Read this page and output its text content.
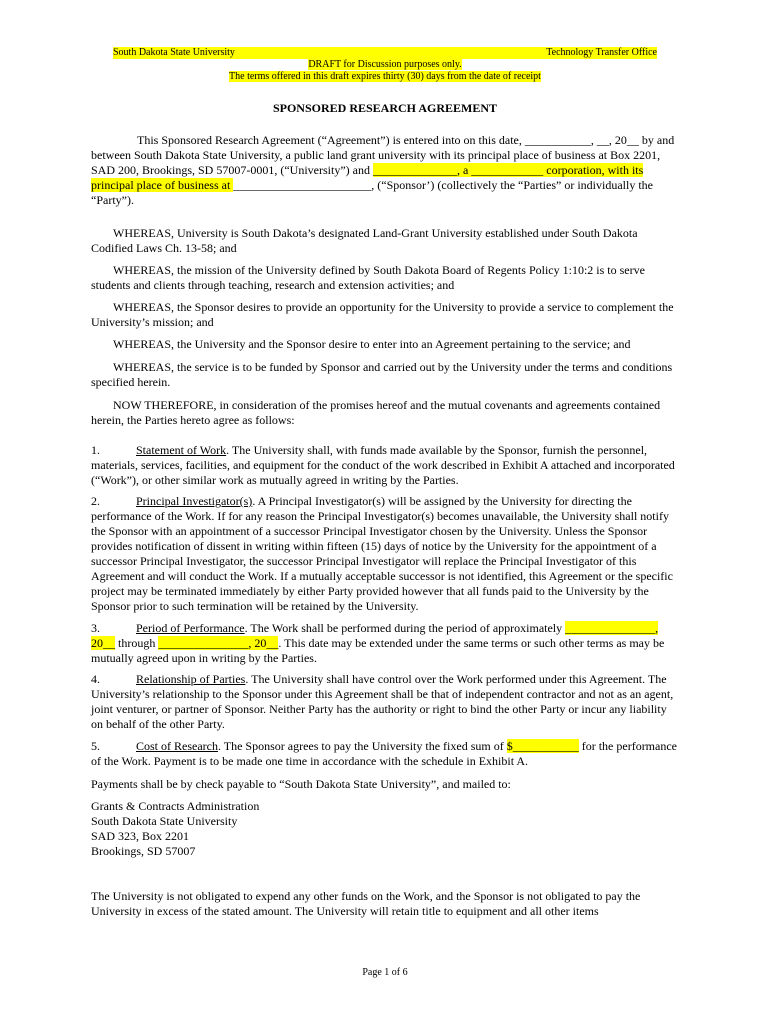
South Dakota State University	Technology Transfer Office
DRAFT for Discussion purposes only.
The terms offered in this draft expires thirty (30) days from the date of receipt
SPONSORED RESEARCH AGREEMENT

This Sponsored Research Agreement (“Agreement”) is entered into on this date, ___________, __, 20__ by and between South Dakota State University, a public land grant university with its principal place of business at Box 2201, SAD 200, Brookings, SD 57007-0001, (“University”) and ______________, a ____________ corporation, with its principal place of business at _______________________, (“Sponsor’) (collectively the “Parties” or individually the “Party”).

WHEREAS, University is South Dakota’s designated Land-Grant University established under South Dakota Codified Laws Ch. 13-58; and

WHEREAS, the mission of the University defined by South Dakota Board of Regents Policy 1:10:2 is to serve students and clients through teaching, research and extension activities; and

WHEREAS, the Sponsor desires to provide an opportunity for the University to provide a service to complement the University’s mission; and

WHEREAS, the University and the Sponsor desire to enter into an Agreement pertaining to the service; and

WHEREAS, the service is to be funded by Sponsor and carried out by the University under the terms and conditions specified herein.

NOW THEREFORE, in consideration of the promises hereof and the mutual covenants and agreements contained herein, the Parties hereto agree as follows:

1.	Statement of Work. The University shall, with funds made available by the Sponsor, furnish the personnel, materials, services, facilities, and equipment for the conduct of the work described in Exhibit A attached and incorporated (“Work”), or other similar work as mutually agreed in writing by the Parties.

2.	Principal Investigator(s). A Principal Investigator(s) will be assigned by the University for directing the performance of the Work. If for any reason the Principal Investigator(s) becomes unavailable, the University shall notify the Sponsor with an appointment of a successor Principal Investigator chosen by the University. Unless the Sponsor provides notification of dissent in writing within fifteen (15) days of notice by the University for the appointment of a successor Principal Investigator, the successor Principal Investigator will replace the Principal Investigator of this Agreement and will conduct the Work. If a mutually acceptable successor is not identified, this Agreement or the specific project may be terminated immediately by either Party provided however that all funds paid to the University by the Sponsor prior to such termination will be retained by the University.

3.	Period of Performance. The Work shall be performed during the period of approximately _______________, 20__ through _______________, 20__. This date may be extended under the same terms or such other terms as may be mutually agreed upon in writing by the Parties.

4.	Relationship of Parties. The University shall have control over the Work performed under this Agreement. The University’s relationship to the Sponsor under this Agreement shall be that of independent contractor and not as an agent, joint venturer, or partner of Sponsor. Neither Party has the authority or right to bind the other Party or incur any liability on behalf of the other Party.

5.	Cost of Research. The Sponsor agrees to pay the University the fixed sum of $___________ for the performance of the Work. Payment is to be made one time in accordance with the schedule in Exhibit A.

Payments shall be by check payable to “South Dakota State University”, and mailed to:

Grants & Contracts Administration

South Dakota State University

SAD 323, Box 2201

Brookings, SD 57007

The University is not obligated to expend any other funds on the Work, and the Sponsor is not obligated to pay the University in excess of the stated amount. The University will retain title to equipment and all other items

Page 1 of 6
